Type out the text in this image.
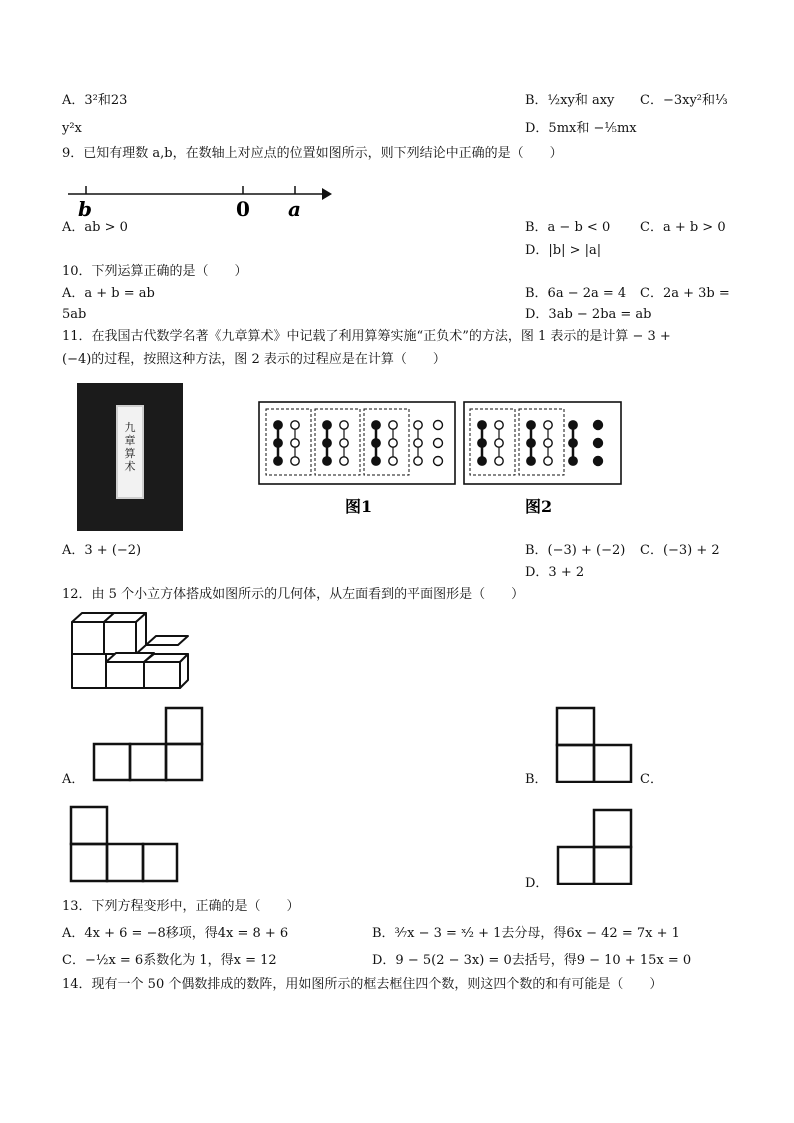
A．3²和23	B．½xy和 axy C．−3xy²和⅓
y²x	D．5mx和 −⅕mx
9．已知有理数 a,b，在数轴上对应点的位置如图所示，则下列结论中正确的是（　　）
b	0 a
A．ab > 0	B．a − b < 0 C．a + b > 0
D．|b| > |a|
10．下列运算正确的是（　　）
A．a + b = ab	B．6a − 2a = 4 C．2a + 3b =
5ab	D．3ab − 2ba = ab
11．在我国古代数学名著《九章算术》中记载了利用算筹实施“正负术”的方法，图 1 表示的是计算 − 3 +
(−4)的过程，按照这种方法，图 2 表示的过程应是在计算（　　）
九章算术
图1	图2
A．3 + (−2)	B．(−3) + (−2) C．(−3) + 2
D．3 + 2
12．由 5 个小立方体搭成如图所示的几何体，从左面看到的平面图形是（　　）
A．	B．	C．
D．
13．下列方程变形中，正确的是（　　）
A．4x + 6 = −8移项，得4x = 8 + 6	B．³⁄₇x − 3 = ˣ⁄₂ + 1去分母，得6x − 42 = 7x + 1
C．−½x = 6系数化为 1，得x = 12	D．9 − 5(2 − 3x) = 0去括号，得9 − 10 + 15x = 0
14．现有一个 50 个偶数排成的数阵，用如图所示的框去框住四个数，则这四个数的和有可能是（　　）
